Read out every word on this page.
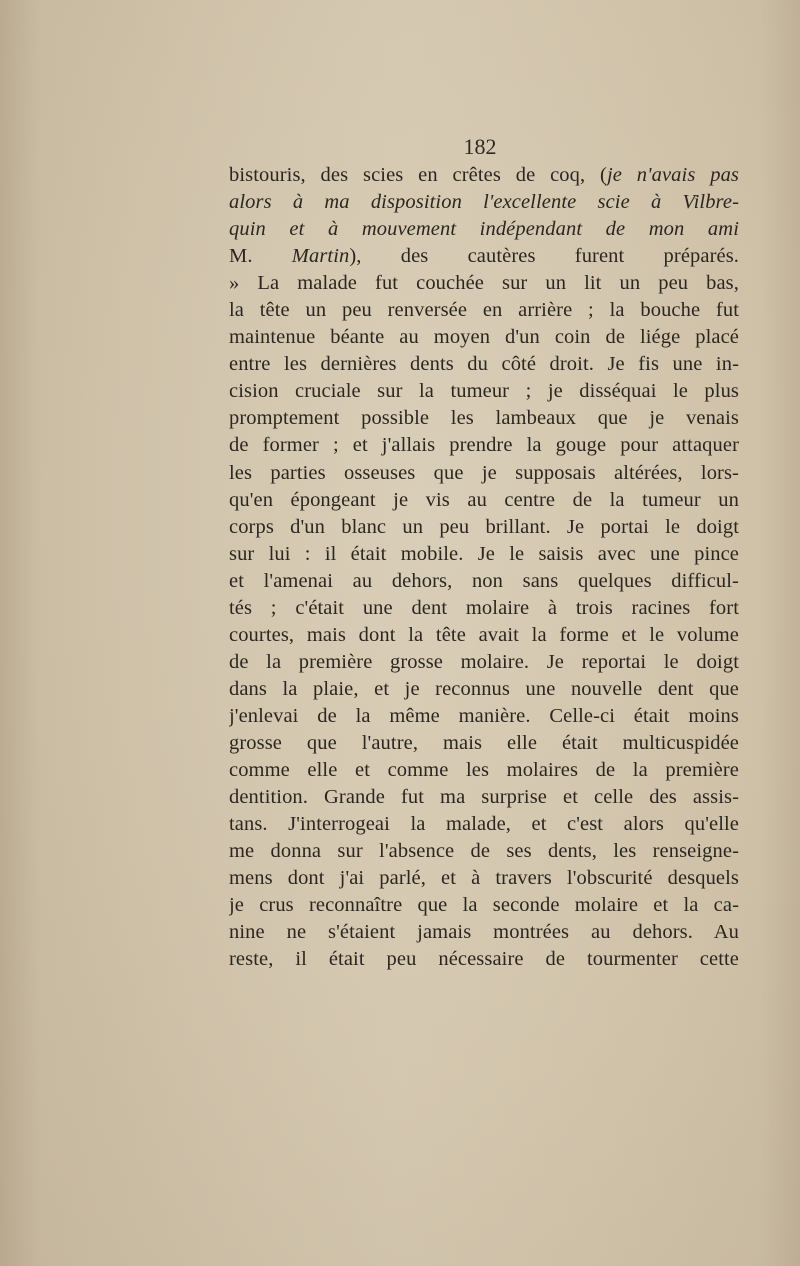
182
bistouris, des scies en crêtes de coq, (je n'avais pas
alors à ma disposition l'excellente scie à Vilbre-
quin et à mouvement indépendant de mon ami
M. Martin), des cautères furent préparés.
» La malade fut couchée sur un lit un peu bas,
la tête un peu renversée en arrière ; la bouche fut
maintenue béante au moyen d'un coin de liége placé
entre les dernières dents du côté droit. Je fis une in-
cision cruciale sur la tumeur ; je disséquai le plus
promptement possible les lambeaux que je venais
de former ; et j'allais prendre la gouge pour attaquer
les parties osseuses que je supposais altérées, lors-
qu'en épongeant je vis au centre de la tumeur un
corps d'un blanc un peu brillant. Je portai le doigt
sur lui : il était mobile. Je le saisis avec une pince
et l'amenai au dehors, non sans quelques difficul-
tés ; c'était une dent molaire à trois racines fort
courtes, mais dont la tête avait la forme et le volume
de la première grosse molaire. Je reportai le doigt
dans la plaie, et je reconnus une nouvelle dent que
j'enlevai de la même manière. Celle-ci était moins
grosse que l'autre, mais elle était multicuspidée
comme elle et comme les molaires de la première
dentition. Grande fut ma surprise et celle des assis-
tans. J'interrogeai la malade, et c'est alors qu'elle
me donna sur l'absence de ses dents, les renseigne-
mens dont j'ai parlé, et à travers l'obscurité desquels
je crus reconnaître que la seconde molaire et la ca-
nine ne s'étaient jamais montrées au dehors. Au
reste, il était peu nécessaire de tourmenter cette
